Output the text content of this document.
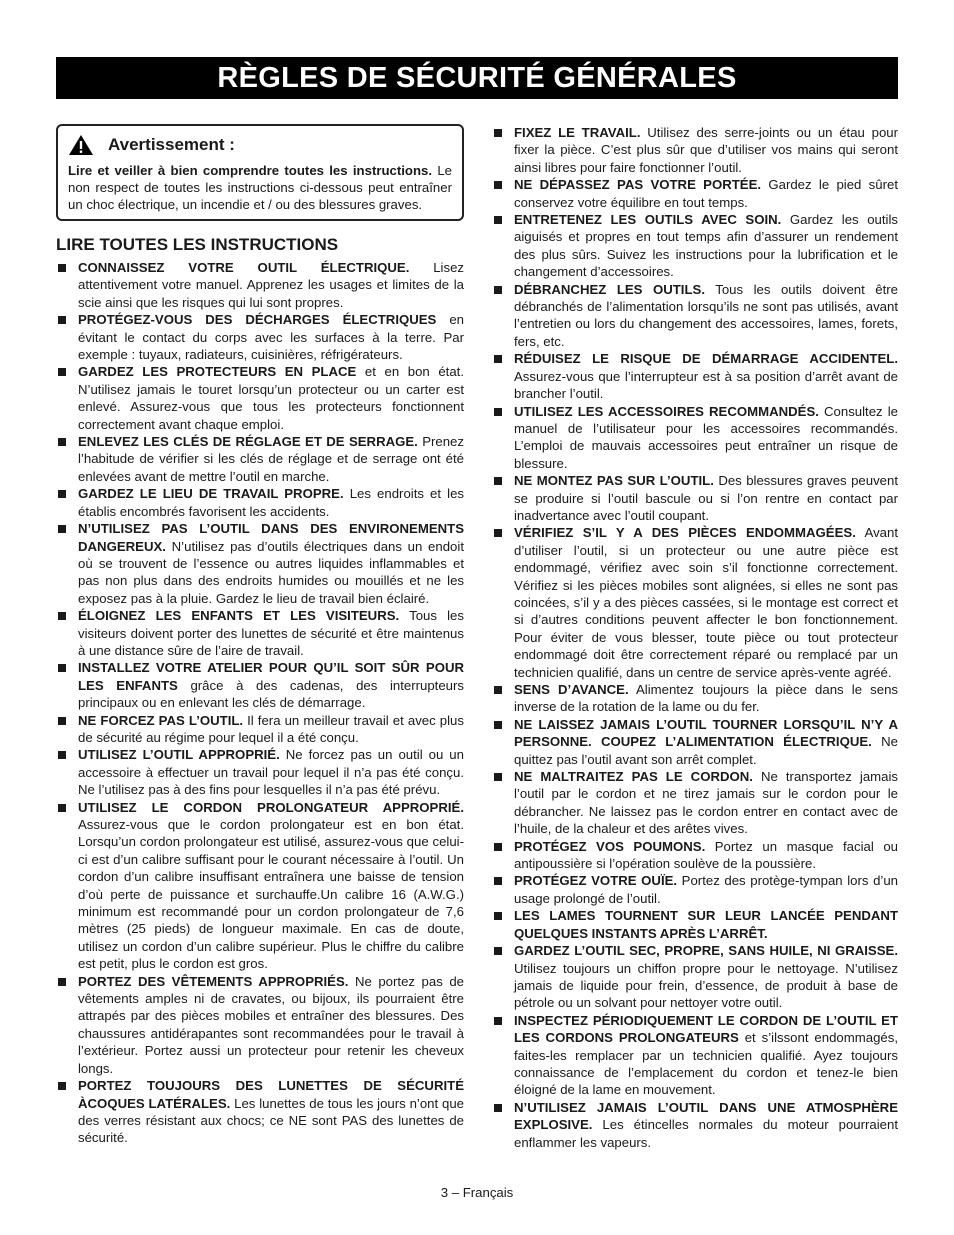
RÈGLES DE SÉCURITÉ GÉNÉRALES
Avertissement :
Lire et veiller à bien comprendre toutes les instructions. Le non respect de toutes les instructions ci-dessous peut entraîner un choc électrique, un incendie et / ou des blessures graves.
LIRE TOUTES LES INSTRUCTIONS
CONNAISSEZ VOTRE OUTIL ÉLECTRIQUE. Lisez attentivement votre manuel. Apprenez les usages et limites de la scie ainsi que les risques qui lui sont propres.
PROTÉGEZ-VOUS DES DÉCHARGES ÉLECTRIQUES en évitant le contact du corps avec les surfaces à la terre. Par exemple : tuyaux, radiateurs, cuisinières, réfrigérateurs.
GARDEZ LES PROTECTEURS EN PLACE et en bon état. N’utilisez jamais le touret lorsqu’un protecteur ou un carter est enlevé. Assurez-vous que tous les protecteurs fonctionnent correctement avant chaque emploi.
ENLEVEZ LES CLÉS DE RÉGLAGE ET DE SERRAGE. Prenez l’habitude de vérifier si les clés de réglage et de serrage ont été enlevées avant de mettre l’outil en marche.
GARDEZ LE LIEU DE TRAVAIL PROPRE. Les endroits et les établis encombrés favorisent les accidents.
N’UTILISEZ PAS L’OUTIL DANS DES ENVIRONEMENTS DANGEREUX. N’utilisez pas d’outils électriques dans un endoit où se trouvent de l’essence ou autres liquides inflammables et pas non plus dans des endroits humides ou mouillés et ne les exposez pas à la pluie. Gardez le lieu de travail bien éclairé.
ÉLOIGNEZ LES ENFANTS ET LES VISITEURS. Tous les visiteurs doivent porter des lunettes de sécurité et être maintenus à une distance sûre de l’aire de travail.
INSTALLEZ VOTRE ATELIER POUR QU’IL SOIT SÛR POUR LES ENFANTS grâce à des cadenas, des interrupteurs principaux ou en enlevant les clés de démarrage.
NE FORCEZ PAS L’OUTIL. Il fera un meilleur travail et avec plus de sécurité au régime pour lequel il a été conçu.
UTILISEZ L’OUTIL APPROPRIÉ. Ne forcez pas un outil ou un accessoire à effectuer un travail pour lequel il n’a pas été conçu. Ne l’utilisez pas à des fins pour lesquelles il n’a pas été prévu.
UTILISEZ LE CORDON PROLONGATEUR APPROPRIÉ. Assurez-vous que le cordon prolongateur est en bon état. Lorsqu’un cordon prolongateur est utilisé, assurez-vous que celui-ci est d’un calibre suffisant pour le courant nécessaire à l’outil. Un cordon d’un calibre insuffisant entraînera une baisse de tension d’où perte de puissance et surchauffe.Un calibre 16 (A.W.G.) minimum est recommandé pour un cordon prolongateur de 7,6 mètres (25 pieds) de longueur maximale. En cas de doute, utilisez un cordon d’un calibre supérieur. Plus le chiffre du calibre est petit, plus le cordon est gros.
PORTEZ DES VÊTEMENTS APPROPRIÉS. Ne portez pas de vêtements amples ni de cravates, ou bijoux, ils pourraient être attrapés par des pièces mobiles et entraîner des blessures. Des chaussures antidérapantes sont recommandées pour le travail à l’extérieur. Portez aussi un protecteur pour retenir les cheveux longs.
PORTEZ TOUJOURS DES LUNETTES DE SÉCURITÉ ÀCOQUES LATÉRALES. Les lunettes de tous les jours n’ont que des verres résistant aux chocs; ce NE sont PAS des lunettes de sécurité.
FIXEZ LE TRAVAIL. Utilisez des serre-joints ou un étau pour fixer la pièce. C’est plus sûr que d’utiliser vos mains qui seront ainsi libres pour faire fonctionner l’outil.
NE DÉPASSEZ PAS VOTRE PORTÉE. Gardez le pied sûret conservez votre équilibre en tout temps.
ENTRETENEZ LES OUTILS AVEC SOIN. Gardez les outils aiguisés et propres en tout temps afin d’assurer un rendement des plus sûrs. Suivez les instructions pour la lubrification et le changement d’accessoires.
DÉBRANCHEZ LES OUTILS. Tous les outils doivent être débranchés de l’alimentation lorsqu’ils ne sont pas utilisés, avant l’entretien ou lors du changement des accessoires, lames, forets, fers, etc.
RÉDUISEZ LE RISQUE DE DÉMARRAGE ACCIDENTEL. Assurez-vous que l’interrupteur est à sa position d’arrêt avant de brancher l’outil.
UTILISEZ LES ACCESSOIRES RECOMMANDÉS. Consultez le manuel de l’utilisateur pour les accessoires recommandés. L’emploi de mauvais accessoires peut entraîner un risque de blessure.
NE MONTEZ PAS SUR L’OUTIL. Des blessures graves peuvent se produire si l’outil bascule ou si l’on rentre en contact par inadvertance avec l’outil coupant.
VÉRIFIEZ S’IL Y A DES PIÈCES ENDOMMAGÉES. Avant d’utiliser l’outil, si un protecteur ou une autre pièce est endommagé, vérifiez avec soin s’il fonctionne correctement. Vérifiez si les pièces mobiles sont alignées, si elles ne sont pas coincées, s’il y a des pièces cassées, si le montage est correct et si d’autres conditions peuvent affecter le bon fonctionnement. Pour éviter de vous blesser, toute pièce ou tout protecteur endommagé doit être correctement réparé ou remplacé par un technicien qualifié, dans un centre de service après-vente agréé.
SENS D’AVANCE. Alimentez toujours la pièce dans le sens inverse de la rotation de la lame ou du fer.
NE LAISSEZ JAMAIS L’OUTIL TOURNER LORSQU’IL N’Y A PERSONNE. COUPEZ L’ALIMENTATION ÉLECTRIQUE. Ne quittez pas l’outil avant son arrêt complet.
NE MALTRAITEZ PAS LE CORDON. Ne transportez jamais l’outil par le cordon et ne tirez jamais sur le cordon pour le débrancher. Ne laissez pas le cordon entrer en contact avec de l’huile, de la chaleur et des arêtes vives.
PROTÉGEZ VOS POUMONS. Portez un masque facial ou antipoussière si l’opération soulève de la poussière.
PROTÉGEZ VOTRE OUÏE. Portez des protège-tympan lors d’un usage prolongé de l’outil.
LES LAMES TOURNENT SUR LEUR LANCÉE PENDANT QUELQUES INSTANTS APRÈS L’ARRÊT.
GARDEZ L’OUTIL SEC, PROPRE, SANS HUILE, NI GRAISSE. Utilisez toujours un chiffon propre pour le nettoyage. N’utilisez jamais de liquide pour frein, d’essence, de produit à base de pétrole ou un solvant pour nettoyer votre outil.
INSPECTEZ PÉRIODIQUEMENT LE CORDON DE L’OUTIL ET LES CORDONS PROLONGATEURS et s’ilssont endommagés, faites-les remplacer par un technicien qualifié. Ayez toujours connaissance de l’emplacement du cordon et tenez-le bien éloigné de la lame en mouvement.
N’UTILISEZ JAMAIS L’OUTIL DANS UNE ATMOSPHÈRE EXPLOSIVE. Les étincelles normales du moteur pourraient enflammer les vapeurs.
3 – Français
